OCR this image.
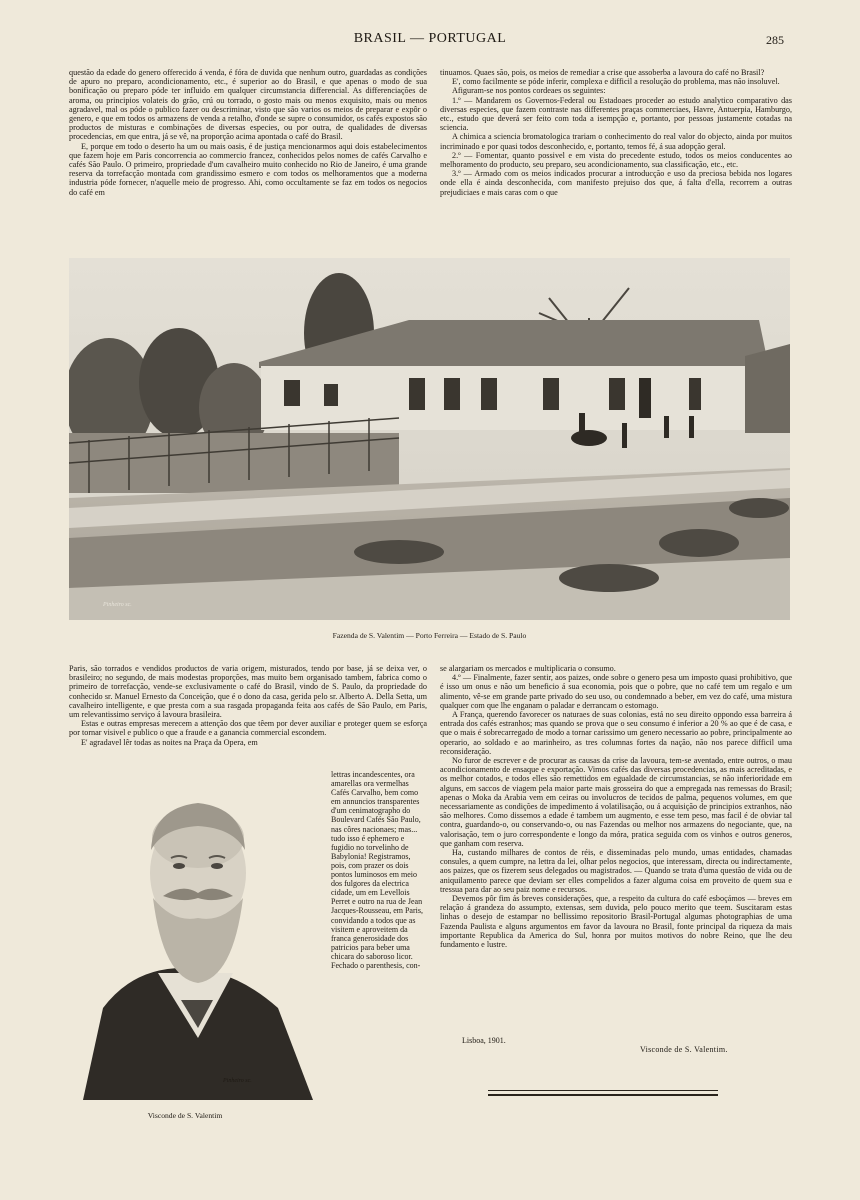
BRASIL — PORTUGAL	285

questão da edade do genero offerecido á venda, é fóra de duvida que nenhum outro, guardadas as condições de apuro no preparo, acondicionamento, etc., é superior ao do Brasil, e que apenas o modo de sua bonificação ou preparo póde ter influido em qualquer circumstancia differencial. As differenciações de aroma, ou principios volateis do grão, crú ou torrado, o gosto mais ou menos exquisito, mais ou menos agradavel, mal os póde o publico fazer ou descriminar, visto que são varios os meios de preparar e expôr o genero, e que em todos os armazens de venda a retalho, d'onde se supre o consumidor, os cafés expostos são productos de misturas e combinações de diversas especies, ou por outra, de qualidades de diversas procedencias, em que entra, já se vê, na proporção acima apontada o café do Brasil.

E, porque em todo o deserto ha um ou mais oasis, é de justiça mencionarmos aqui dois estabelecimentos que fazem hoje em Paris concorrencia ao commercio francez, conhecidos pelos nomes de cafés Carvalho e cafés São Paulo. O primeiro, propriedade d'um cavalheiro muito conhecido no Rio de Janeiro, é uma grande reserva da torrefacção montada com grandissimo esmero e com todos os melhoramentos que a moderna industria póde fornecer, n'aquelle meio de progresso. Ahi, como occultamente se faz em todos os negocios do café em

tinuamos. Quaes são, pois, os meios de remediar a crise que assoberba a lavoura do café no Brasil?

E', como facilmente se póde inferir, complexa e difficil a resolução do problema, mas não insoluvel.

Afiguram-se nos pontos cordeaes os seguintes:

1.º — Mandarem os Governos-Federal ou Estadoaes proceder ao estudo analytico comparativo das diversas especies, que fazem contraste nas differentes praças commerciaes, Havre, Antuerpia, Hamburgo, etc., estudo que deverá ser feito com toda a isempção e, portanto, por pessoas justamente cotadas na sciencia.

A chimica a sciencia bromatologica trariam o conhecimento do real valor do objecto, ainda por muitos incriminado e por quasi todos desconhecido, e, portanto, temos fé, á sua adopção geral.

2.º — Fomentar, quanto possivel e em vista do precedente estudo, todos os meios conducentes ao melhoramento do producto, seu preparo, seu acondicionamento, sua classificação, etc., etc.

3.º — Armado com os meios indicados procurar a introducção e uso da preciosa bebida nos logares onde ella é ainda desconhecida, com manifesto prejuiso dos que, á falta d'ella, recorrem a outras prejudiciaes e mais caras com o que

Pinheiro sc.
Fazenda de S. Valentim — Porto Ferreira — Estado de S. Paulo

Paris, são torrados e vendidos productos de varia origem, misturados, tendo por base, já se deixa ver, o brasileiro; no segundo, de mais modestas proporções, mas muito bem organisado tambem, fabrica como o primeiro de torrefacção, vende-se exclusivamente o café do Brasil, vindo de S. Paulo, da propriedade do conhecido sr. Manuel Ernesto da Conceição, que é o dono da casa, gerida pelo sr. Alberto A. Della Setta, um cavalheiro intelligente, e que presta com a sua rasgada propaganda feita aos cafés de São Paulo, em Paris, um relevantissimo serviço á lavoura brasileira.

Estas e outras empresas merecem a attenção dos que têem por dever auxiliar e proteger quem se esforça por tornar visivel e publico o que a fraude e a ganancia commercial escondem.

E' agradavel lêr todas as noites na Praça da Opera, em

Pinheiro sc.

lettras incandescentes, ora amarellas ora vermelhas Cafés Carvalho, bem como em annuncios transparentes d'um cenimatographo do Boulevard Cafés São Paulo, nas côres nacionaes; mas... tudo isso é ephemero e fugidio no torvelinho de Babylonia! Registramos, pois, com prazer os dois pontos luminosos em meio dos fulgores da electrica cidade, um em Levellois Perret e outro na rua de Jean Jacques-Rousseau, em Paris, convidando a todos que as visitem e aproveitem da franca generosidade dos patricios para beber uma chicara do saboroso licor. Fechado o parenthesis, con-

Visconde de S. Valentim

se alargariam os mercados e multiplicaria o consumo.

4.º — Finalmente, fazer sentir, aos paizes, onde sobre o genero pesa um imposto quasi prohibitivo, que é isso um onus e não um beneficio á sua economia, pois que o pobre, que no café tem um regalo e um alimento, vê-se em grande parte privado do seu uso, ou condemnado a beber, em vez do café, uma mistura qualquer com que lhe enganam o paladar e derrancam o estomago.

A França, querendo favorecer os naturaes de suas colonias, está no seu direito oppondo essa barreira á entrada dos cafés estranhos; mas quando se prova que o seu consumo é inferior a 20 % ao que é de casa, e que o mais é sobrecarregado de modo a tornar carissimo um genero necessario ao pobre, principalmente ao operario, ao soldado e ao marinheiro, as tres columnas fortes da nação, não nos parece difficil uma reconsideração.

No furor de escrever e de procurar as causas da crise da lavoura, tem-se aventado, entre outros, o mau acondicionamento de ensaque e exportação. Vimos cafés das diversas procedencias, as mais acreditadas, e os melhor cotados, e todos elles são remettidos em egualdade de circumstancias, se não inferioridade em alguns, em saccos de viagem pela maior parte mais grosseira do que a empregada nas remessas do Brasil; apenas o Moka da Arabia vem em ceiras ou involucros de tecidos de palma, pequenos volumes, em que necessariamente as condições de impedimento á volatilisação, ou á acquisição de principios extranhos, não são melhores. Como dissemos a edade é tambem um augmento, e esse tem peso, mas facil é de obviar tal contra, guardando-o, ou conservando-o, ou nas Fazendas ou melhor nos armazens do negociante, que, na valorisação, tem o juro correspondente e longo da móra, pratica seguida com os vinhos e outros generos, que ganham com reserva.

Ha, custando milhares de contos de réis, e disseminadas pelo mundo, umas entidades, chamadas consules, a quem cumpre, na lettra da lei, olhar pelos negocios, que interessam, directa ou indirectamente, aos paizes, que os fizerem seus delegados ou magistrados. — Quando se trata d'uma questão de vida ou de aniquilamento parece que deviam ser elles compelidos a fazer alguma coisa em proveito de quem sua e tressua para dar ao seu paiz nome e recursos.

Devemos pôr fim ás breves considerações, que, a respeito da cultura do café esboçámos — breves em relação á grandeza do assumpto, extensas, sem duvida, pelo pouco merito que teem. Suscitaram estas linhas o desejo de estampar no bellissimo repositorio Brasil-Portugal algumas photographias de uma Fazenda Paulista e alguns argumentos em favor da lavoura no Brasil, fonte principal da riqueza da mais importante Republica da America do Sul, honra por muitos motivos do nobre Reino, que lhe deu fundamento e lustre.

Lisboa, 1901.
Visconde de S. Valentim.
